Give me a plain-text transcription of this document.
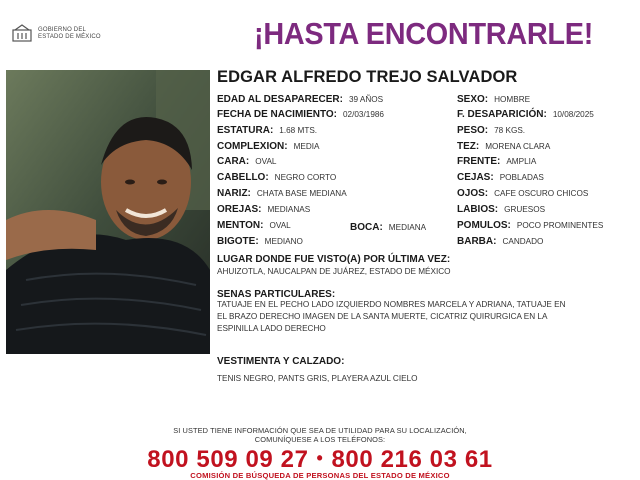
GOBIERNO DEL
ESTADO DE MÉXICO	¡HASTA ENCONTRARLE!
EDGAR ALFREDO TREJO SALVADOR
EDAD AL DESAPARECER: 39 AÑOS	SEXO: HOMBRE
FECHA DE NACIMIENTO: 02/03/1986	F. DESAPARICIÓN: 10/08/2025
ESTATURA: 1.68 MTS.	PESO: 78 KGS.
COMPLEXION: MEDIA	TEZ: MORENA CLARA
CARA: OVAL	FRENTE: AMPLIA
CABELLO: NEGRO CORTO	CEJAS: POBLADAS
NARIZ: CHATA BASE MEDIANA	OJOS: CAFE OSCURO CHICOS
OREJAS: MEDIANAS	LABIOS: GRUESOS
MENTON: OVAL	BOCA: MEDIANA	POMULOS: POCO PROMINENTES
BIGOTE: MEDIANO	BARBA: CANDADO
LUGAR DONDE FUE VISTO(A) POR ÚLTIMA VEZ:
AHUIZOTLA, NAUCALPAN DE JUÁREZ, ESTADO DE MÉXICO
SENAS PARTICULARES:
TATUAJE EN EL PECHO LADO IZQUIERDO NOMBRES MARCELA Y ADRIANA, TATUAJE EN
EL BRAZO DERECHO IMAGEN DE LA SANTA MUERTE, CICATRIZ QUIRURGICA EN LA
ESPINILLA LADO DERECHO
VESTIMENTA Y CALZADO:
TENIS NEGRO, PANTS GRIS, PLAYERA AZUL CIELO
SI USTED TIENE INFORMACIÓN QUE SEA DE UTILIDAD PARA SU LOCALIZACIÓN,
COMUNÍQUESE A LOS TELÉFONOS:
800 509 09 27 • 800 216 03 61
COMISIÓN DE BÚSQUEDA DE PERSONAS DEL ESTADO DE MÉXICO
